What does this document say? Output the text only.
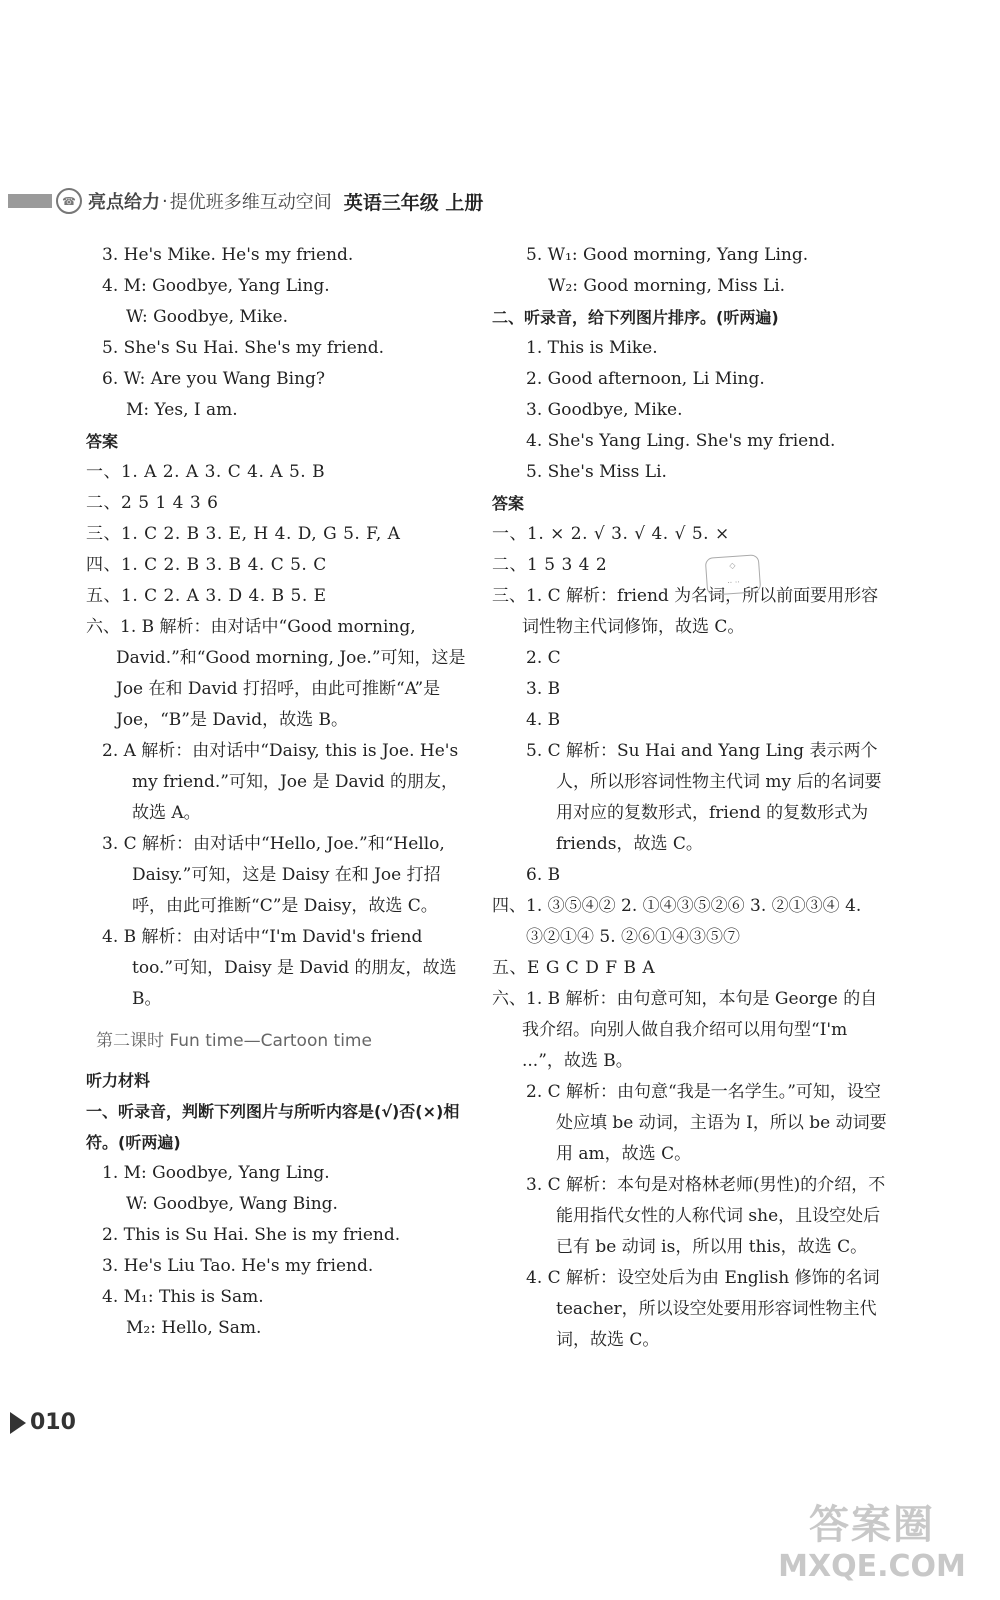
☎ 亮点给力 · 提优班多维互动空间 英语三年级 上册
3. He's Mike. He's my friend.
4. M: Goodbye, Yang Ling.
W: Goodbye, Mike.
5. She's Su Hai. She's my friend.
6. W: Are you Wang Bing?
M: Yes, I am.
答案
一、1. A 2. A 3. C 4. A 5. B
二、2 5 1 4 3 6
三、1. C 2. B 3. E, H 4. D, G 5. F, A
四、1. C 2. B 3. B 4. C 5. C
五、1. C 2. A 3. D 4. B 5. E
六、1. B 解析：由对话中“Good morning, David.”和“Good morning, Joe.”可知，这是 Joe 在和 David 打招呼，由此可推断“A”是 Joe，“B”是 David，故选 B。
2. A 解析：由对话中“Daisy, this is Joe. He's my friend.”可知，Joe 是 David 的朋友，故选 A。
3. C 解析：由对话中“Hello, Joe.”和“Hello, Daisy.”可知，这是 Daisy 在和 Joe 打招呼，由此可推断“C”是 Daisy，故选 C。
4. B 解析：由对话中“I'm David's friend too.”可知，Daisy 是 David 的朋友，故选 B。
第二课时 Fun time—Cartoon time
听力材料
一、听录音，判断下列图片与所听内容是(√)否(×)相符。(听两遍)
1. M: Goodbye, Yang Ling.
W: Goodbye, Wang Bing.
2. This is Su Hai. She is my friend.
3. He's Liu Tao. He's my friend.
4. M₁: This is Sam.
M₂: Hello, Sam.
5. W₁: Good morning, Yang Ling.
W₂: Good morning, Miss Li.
二、听录音，给下列图片排序。(听两遍)
1. This is Mike.
2. Good afternoon, Li Ming.
3. Goodbye, Mike.
4. She's Yang Ling. She's my friend.
5. She's Miss Li.
答案
一、1. × 2. √ 3. √ 4. √ 5. ×
二、1 5 3 4 2
三、1. C 解析：friend 为名词，所以前面要用形容词性物主代词修饰，故选 C。
2. C
3. B
4. B
5. C 解析：Su Hai and Yang Ling 表示两个人，所以形容词性物主代词 my 后的名词要用对应的复数形式，friend 的复数形式为 friends，故选 C。
6. B
四、1. ③⑤④② 2. ①④③⑤②⑥ 3. ②①③④ 4. ③②①④ 5. ②⑥①④③⑤⑦
五、E G C D F B A
六、1. B 解析：由句意可知，本句是 George 的自我介绍。向别人做自我介绍可以用句型“I'm ...”，故选 B。
2. C 解析：由句意“我是一名学生。”可知，设空处应填 be 动词，主语为 I，所以 be 动词要用 am，故选 C。
3. C 解析：本句是对格林老师(男性)的介绍，不能用指代女性的人称代词 she，且设空处后已有 be 动词 is，所以用 this，故选 C。
4. C 解析：设空处后为由 English 修饰的名词 teacher，所以设空处要用形容词性物主代词，故选 C。
◇
·· ··
010
答案圈
MXQE.COM
